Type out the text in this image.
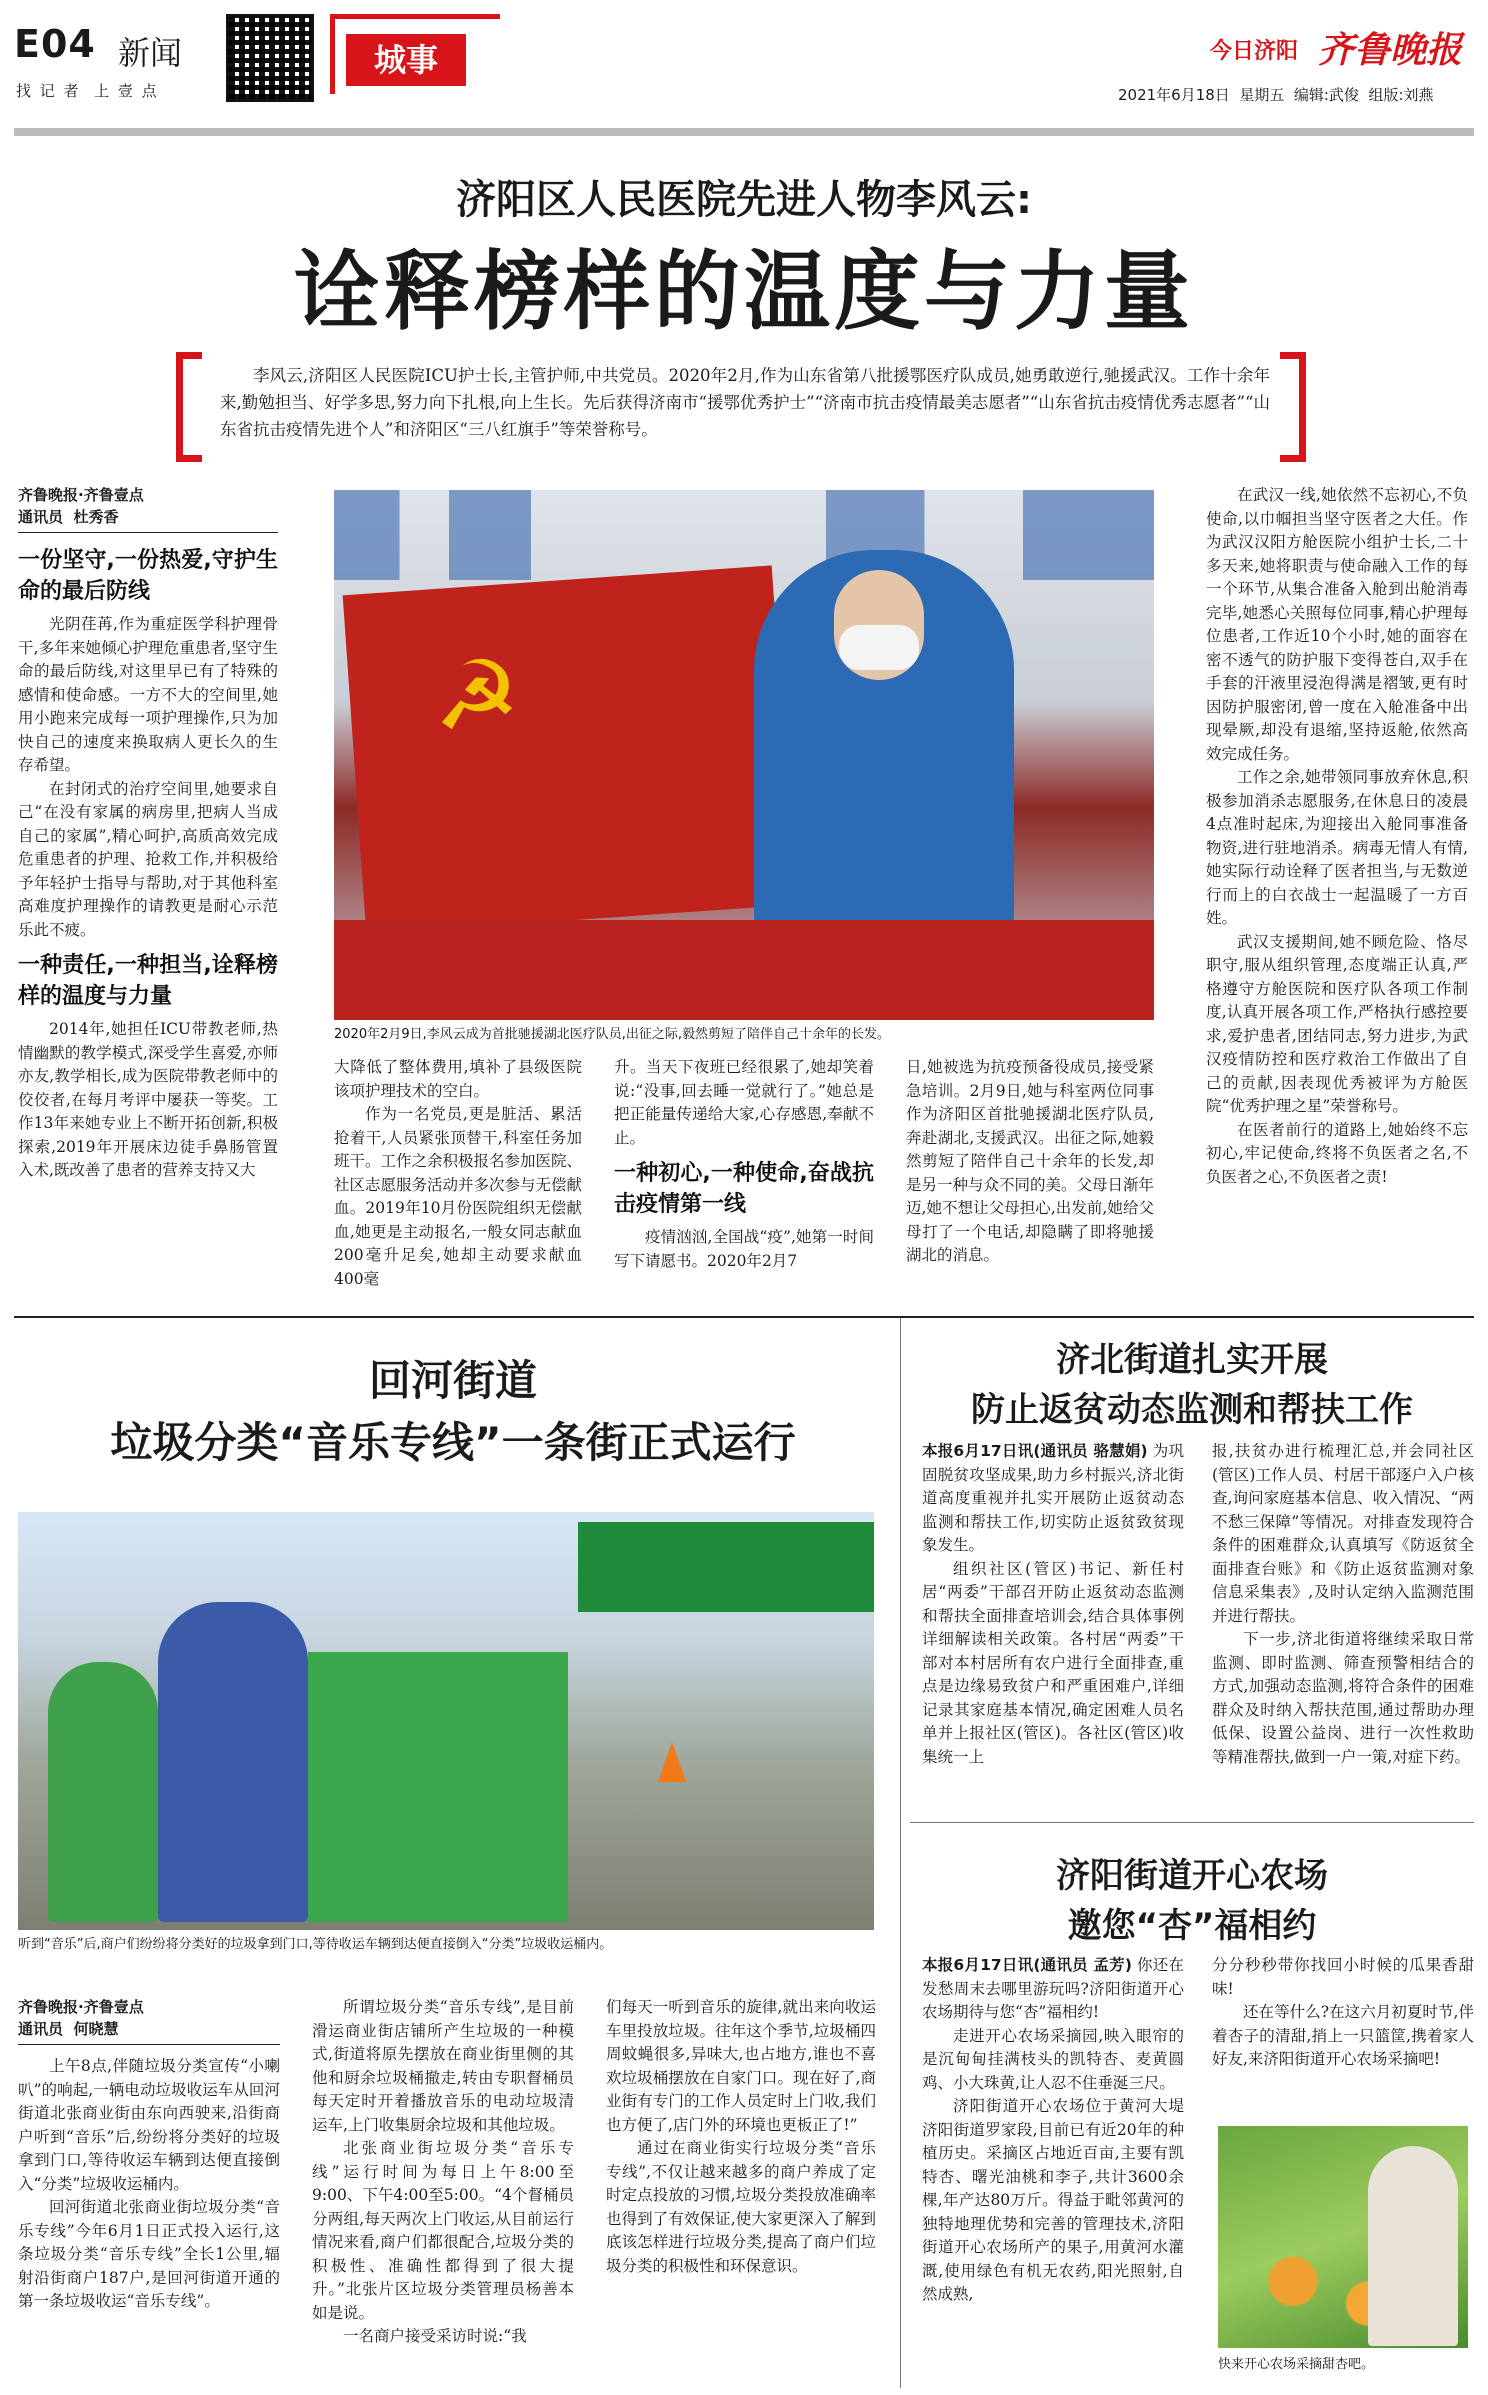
E04 新闻
找 记 者  上 壹 点
城事	今日济阳 齐鲁晚报
2021年6月18日  星期五  编辑:武俊  组版:刘燕
济阳区人民医院先进人物李风云:
诠释榜样的温度与力量
李风云,济阳区人民医院ICU护士长,主管护师,中共党员。2020年2月,作为山东省第八批援鄂医疗队成员,她勇敢逆行,驰援武汉。工作十余年来,勤勉担当、好学多思,努力向下扎根,向上生长。先后获得济南市“援鄂优秀护士”“济南市抗击疫情最美志愿者”“山东省抗击疫情优秀志愿者”“山东省抗击疫情先进个人”和济阳区“三八红旗手”等荣誉称号。
齐鲁晚报·齐鲁壹点
通讯员  杜秀香
一份坚守,一份热爱,守护生命的最后防线

光阴荏苒,作为重症医学科护理骨干,多年来她倾心护理危重患者,坚守生命的最后防线,对这里早已有了特殊的感情和使命感。一方不大的空间里,她用小跑来完成每一项护理操作,只为加快自己的速度来换取病人更长久的生存希望。

在封闭式的治疗空间里,她要求自己“在没有家属的病房里,把病人当成自己的家属”,精心呵护,高质高效完成危重患者的护理、抢救工作,并积极给予年轻护士指导与帮助,对于其他科室高难度护理操作的请教更是耐心示范乐此不疲。

一种责任,一种担当,诠释榜样的温度与力量

2014年,她担任ICU带教老师,热情幽默的教学模式,深受学生喜爱,亦师亦友,教学相长,成为医院带教老师中的佼佼者,在每月考评中屡获一等奖。工作13年来她专业上不断开拓创新,积极探索,2019年开展床边徒手鼻肠管置入术,既改善了患者的营养支持又大

☭
2020年2月9日,李风云成为首批驰援湖北医疗队员,出征之际,毅然剪短了陪伴自己十余年的长发。

大降低了整体费用,填补了县级医院该项护理技术的空白。

作为一名党员,更是脏活、累活抢着干,人员紧张顶替干,科室任务加班干。工作之余积极报名参加医院、社区志愿服务活动并多次参与无偿献血。2019年10月份医院组织无偿献血,她更是主动报名,一般女同志献血200毫升足矣,她却主动要求献血400毫

升。当天下夜班已经很累了,她却笑着说:“没事,回去睡一觉就行了。”她总是把正能量传递给大家,心存感恩,奉献不止。

一种初心,一种使命,奋战抗击疫情第一线

疫情汹汹,全国战“疫”,她第一时间写下请愿书。2020年2月7

日,她被选为抗疫预备役成员,接受紧急培训。2月9日,她与科室两位同事作为济阳区首批驰援湖北医疗队员,奔赴湖北,支援武汉。出征之际,她毅然剪短了陪伴自己十余年的长发,却是另一种与众不同的美。父母日渐年迈,她不想让父母担心,出发前,她给父母打了一个电话,却隐瞒了即将驰援湖北的消息。

在武汉一线,她依然不忘初心,不负使命,以巾帼担当坚守医者之大任。作为武汉汉阳方舱医院小组护士长,二十多天来,她将职责与使命融入工作的每一个环节,从集合准备入舱到出舱消毒完毕,她悉心关照每位同事,精心护理每位患者,工作近10个小时,她的面容在密不透气的防护服下变得苍白,双手在手套的汗液里浸泡得满是褶皱,更有时因防护服密闭,曾一度在入舱准备中出现晕厥,却没有退缩,坚持返舱,依然高效完成任务。

工作之余,她带领同事放弃休息,积极参加消杀志愿服务,在休息日的凌晨4点准时起床,为迎接出入舱同事准备物资,进行驻地消杀。病毒无情人有情,她实际行动诠释了医者担当,与无数逆行而上的白衣战士一起温暖了一方百姓。

武汉支援期间,她不顾危险、恪尽职守,服从组织管理,态度端正认真,严格遵守方舱医院和医疗队各项工作制度,认真开展各项工作,严格执行感控要求,爱护患者,团结同志,努力进步,为武汉疫情防控和医疗救治工作做出了自己的贡献,因表现优秀被评为方舱医院“优秀护理之星”荣誉称号。

在医者前行的道路上,她始终不忘初心,牢记使命,终将不负医者之名,不负医者之心,不负医者之责!

回河街道
垃圾分类“音乐专线”一条街正式运行
听到“音乐”后,商户们纷纷将分类好的垃圾拿到门口,等待收运车辆到达便直接倒入“分类”垃圾收运桶内。
齐鲁晚报·齐鲁壹点
通讯员  何晓慧

上午8点,伴随垃圾分类宣传“小喇叭”的响起,一辆电动垃圾收运车从回河街道北张商业街由东向西驶来,沿街商户听到“音乐”后,纷纷将分类好的垃圾拿到门口,等待收运车辆到达便直接倒入“分类”垃圾收运桶内。

回河街道北张商业街垃圾分类“音乐专线”今年6月1日正式投入运行,这条垃圾分类“音乐专线”全长1公里,辐射沿街商户187户,是回河街道开通的第一条垃圾收运“音乐专线”。

所谓垃圾分类“音乐专线”,是目前滑运商业街店铺所产生垃圾的一种模式,街道将原先摆放在商业街里侧的其他和厨余垃圾桶撤走,转由专职督桶员每天定时开着播放音乐的电动垃圾清运车,上门收集厨余垃圾和其他垃圾。

北张商业街垃圾分类“音乐专线”运行时间为每日上午8:00至9:00、下午4:00至5:00。“4个督桶员分两组,每天两次上门收运,从目前运行情况来看,商户们都很配合,垃圾分类的积极性、准确性都得到了很大提升。”北张片区垃圾分类管理员杨善本如是说。

一名商户接受采访时说:“我

们每天一听到音乐的旋律,就出来向收运车里投放垃圾。往年这个季节,垃圾桶四周蚊蝇很多,异味大,也占地方,谁也不喜欢垃圾桶摆放在自家门口。现在好了,商业街有专门的工作人员定时上门收,我们也方便了,店门外的环境也更板正了!”

通过在商业街实行垃圾分类“音乐专线”,不仅让越来越多的商户养成了定时定点投放的习惯,垃圾分类投放准确率也得到了有效保证,使大家更深入了解到底该怎样进行垃圾分类,提高了商户们垃圾分类的积极性和环保意识。

济北街道扎实开展
防止返贫动态监测和帮扶工作

本报6月17日讯(通讯员 骆慧娟) 为巩固脱贫攻坚成果,助力乡村振兴,济北街道高度重视并扎实开展防止返贫动态监测和帮扶工作,切实防止返贫致贫现象发生。

组织社区(管区)书记、新任村居“两委”干部召开防止返贫动态监测和帮扶全面排查培训会,结合具体事例详细解读相关政策。各村居“两委”干部对本村居所有农户进行全面排查,重点是边缘易致贫户和严重困难户,详细记录其家庭基本情况,确定困难人员名单并上报社区(管区)。各社区(管区)收集统一上

报,扶贫办进行梳理汇总,并会同社区(管区)工作人员、村居干部逐户入户核查,询问家庭基本信息、收入情况、“两不愁三保障”等情况。对排查发现符合条件的困难群众,认真填写《防返贫全面排查台账》和《防止返贫监测对象信息采集表》,及时认定纳入监测范围并进行帮扶。

下一步,济北街道将继续采取日常监测、即时监测、筛查预警相结合的方式,加强动态监测,将符合条件的困难群众及时纳入帮扶范围,通过帮助办理低保、设置公益岗、进行一次性救助等精准帮扶,做到一户一策,对症下药。

济阳街道开心农场
邀您“杏”福相约

本报6月17日讯(通讯员 孟芳) 你还在发愁周末去哪里游玩吗?济阳街道开心农场期待与您“杏”福相约!

走进开心农场采摘园,映入眼帘的是沉甸甸挂满枝头的凯特杏、麦黄圆鸡、小大珠黄,让人忍不住垂涎三尺。

济阳街道开心农场位于黄河大堤济阳街道罗家段,目前已有近20年的种植历史。采摘区占地近百亩,主要有凯特杏、曙光油桃和李子,共计3600余棵,年产达80万斤。得益于毗邻黄河的独特地理优势和完善的管理技术,济阳街道开心农场所产的果子,用黄河水灌溉,使用绿色有机无农药,阳光照射,自然成熟,

分分秒秒带你找回小时候的瓜果香甜味!

还在等什么?在这六月初夏时节,伴着杏子的清甜,捎上一只篮筐,携着家人好友,来济阳街道开心农场采摘吧!

快来开心农场采摘甜杏吧。
